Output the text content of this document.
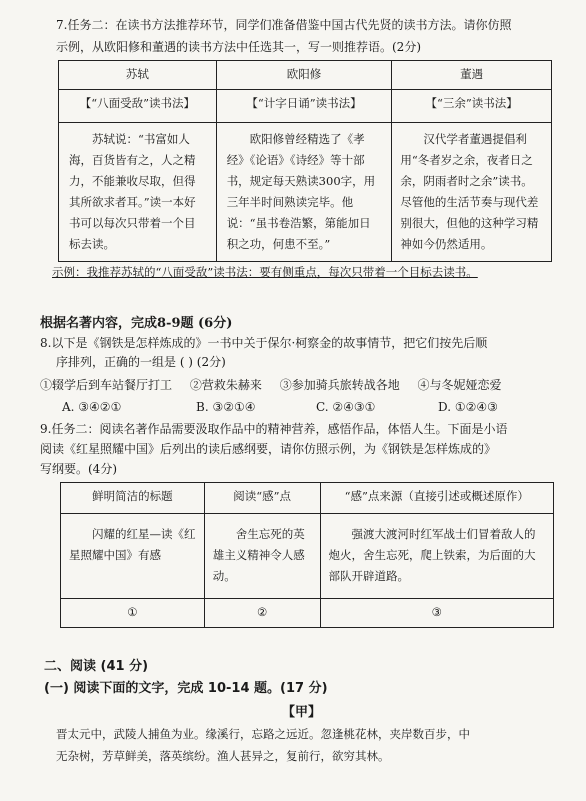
7.任务二：在读书方法推荐环节，同学们准备借鉴中国古代先贤的读书方法。请你仿照
示例，从欧阳修和董遇的读书方法中任选其一，写一则推荐语。(2分)
苏轼	欧阳修	董遇
【“八面受敌”读书法】	【“计字日诵”读书法】	【“三余”读书法】
苏轼说：“书富如人海，百货皆有之，人之精力，不能兼收尽取，但得其所欲求者耳。”读一本好书可以每次只带着一个目标去读。	欧阳修曾经精选了《孝经》《论语》《诗经》等十部书，规定每天熟读300字，用三年半时间熟读完毕。他说：“虽书卷浩繁，第能加日积之功，何患不至。”	汉代学者董遇提倡利用“冬者岁之余，夜者日之余，阴雨者时之余”读书。尽管他的生活节奏与现代差别很大，但他的这种学习精神如今仍然适用。
示例：我推荐苏轼的“八面受敌”读书法：要有侧重点，每次只带着一个目标去读书。
根据名著内容，完成8-9题 (6分)
8.以下是《钢铁是怎样炼成的》一书中关于保尔·柯察金的故事情节，把它们按先后顺
序排列，正确的一组是 ( ) (2分)
①辍学后到车站餐厅打工 ②营救朱赫来 ③参加骑兵旅转战各地 ④与冬妮娅恋爱
A. ③④②①	B. ③②①④	C. ②④③①	D. ①②④③
9.任务二：阅读名著作品需要汲取作品中的精神营养，感悟作品，体悟人生。下面是小语
阅读《红星照耀中国》后列出的读后感纲要，请你仿照示例，为《钢铁是怎样炼成的》
写纲要。(4分)
鲜明简洁的标题	阅读“感”点	“感”点来源（直接引述或概述原作）
闪耀的红星—读《红星照耀中国》有感	舍生忘死的英雄主义精神令人感动。	强渡大渡河时红军战士们冒着敌人的炮火，舍生忘死，爬上铁索，为后面的大部队开辟道路。
①	②	③
二、阅读 (41 分)
(一) 阅读下面的文字，完成 10-14 题。(17 分)
【甲】
晋太元中，武陵人捕鱼为业。缘溪行，忘路之远近。忽逢桃花林，夹岸数百步，中
无杂树，芳草鲜美，落英缤纷。渔人甚异之，复前行，欲穷其林。
